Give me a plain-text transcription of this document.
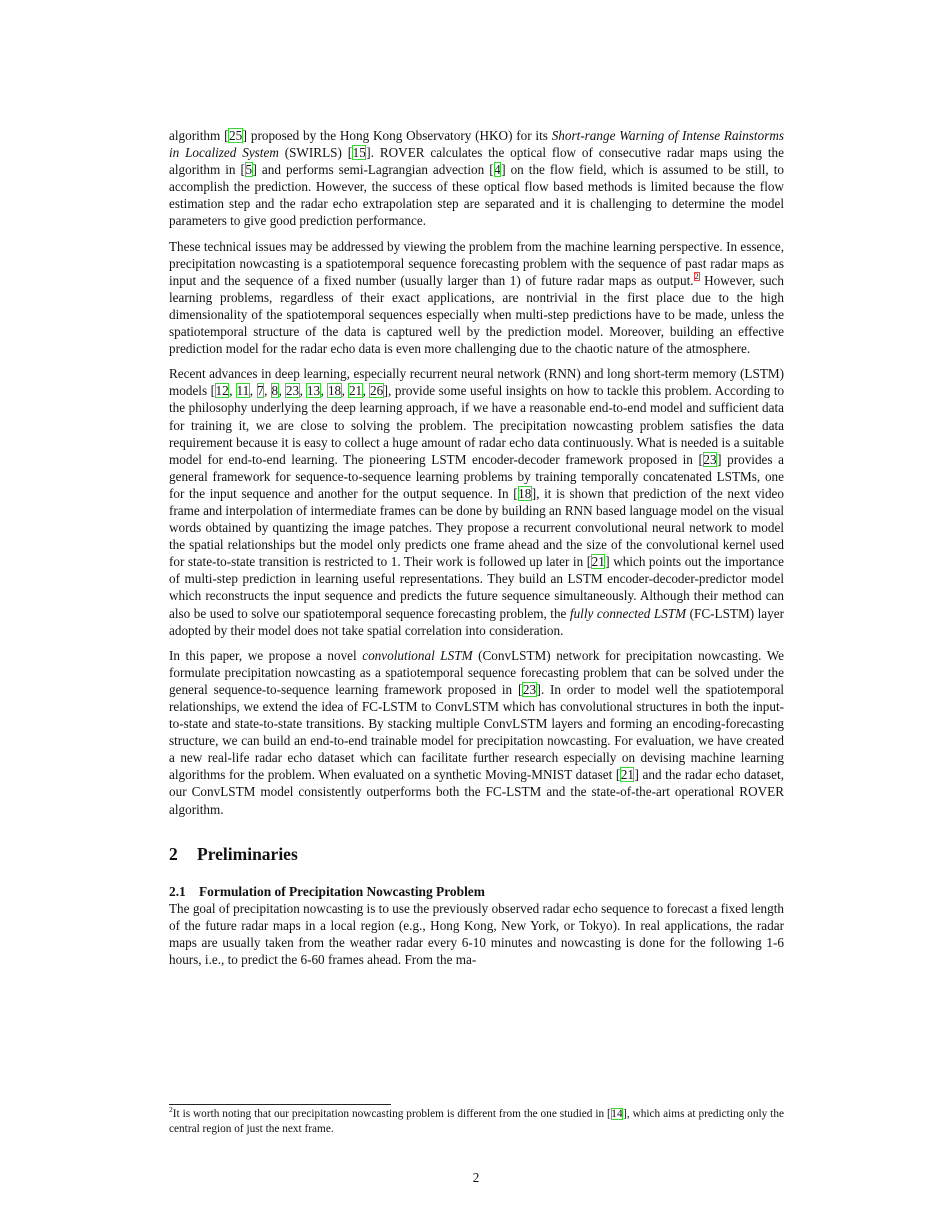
algorithm [25] proposed by the Hong Kong Observatory (HKO) for its Short-range Warning of Intense Rainstorms in Localized System (SWIRLS) [15]. ROVER calculates the optical flow of consecutive radar maps using the algorithm in [5] and performs semi-Lagrangian advection [4] on the flow field, which is assumed to be still, to accomplish the prediction. However, the success of these optical flow based methods is limited because the flow estimation step and the radar echo extrapolation step are separated and it is challenging to determine the model parameters to give good prediction performance.

These technical issues may be addressed by viewing the problem from the machine learning perspective. In essence, precipitation nowcasting is a spatiotemporal sequence forecasting problem with the sequence of past radar maps as input and the sequence of a fixed number (usually larger than 1) of future radar maps as output.$^2$ However, such learning problems, regardless of their exact applications, are nontrivial in the first place due to the high dimensionality of the spatiotemporal sequences especially when multi-step predictions have to be made, unless the spatiotemporal structure of the data is captured well by the prediction model. Moreover, building an effective prediction model for the radar echo data is even more challenging due to the chaotic nature of the atmosphere.

Recent advances in deep learning, especially recurrent neural network (RNN) and long short-term memory (LSTM) models [12, 11, 7, 8, 23, 13, 18, 21, 26], provide some useful insights on how to tackle this problem. According to the philosophy underlying the deep learning approach, if we have a reasonable end-to-end model and sufficient data for training it, we are close to solving the problem. The precipitation nowcasting problem satisfies the data requirement because it is easy to collect a huge amount of radar echo data continuously. What is needed is a suitable model for end-to-end learning. The pioneering LSTM encoder-decoder framework proposed in [23] provides a general framework for sequence-to-sequence learning problems by training temporally concatenated LSTMs, one for the input sequence and another for the output sequence. In [18], it is shown that prediction of the next video frame and interpolation of intermediate frames can be done by building an RNN based language model on the visual words obtained by quantizing the image patches. They propose a recurrent convolutional neural network to model the spatial relationships but the model only predicts one frame ahead and the size of the convolutional kernel used for state-to-state transition is restricted to 1. Their work is followed up later in [21] which points out the importance of multi-step prediction in learning useful representations. They build an LSTM encoder-decoder-predictor model which reconstructs the input sequence and predicts the future sequence simultaneously. Although their method can also be used to solve our spatiotemporal sequence forecasting problem, the fully connected LSTM (FC-LSTM) layer adopted by their model does not take spatial correlation into consideration.

In this paper, we propose a novel convolutional LSTM (ConvLSTM) network for precipitation nowcasting. We formulate precipitation nowcasting as a spatiotemporal sequence forecasting problem that can be solved under the general sequence-to-sequence learning framework proposed in [23]. In order to model well the spatiotemporal relationships, we extend the idea of FC-LSTM to ConvLSTM which has convolutional structures in both the input-to-state and state-to-state transitions. By stacking multiple ConvLSTM layers and forming an encoding-forecasting structure, we can build an end-to-end trainable model for precipitation nowcasting. For evaluation, we have created a new real-life radar echo dataset which can facilitate further research especially on devising machine learning algorithms for the problem. When evaluated on a synthetic Moving-MNIST dataset [21] and the radar echo dataset, our ConvLSTM model consistently outperforms both the FC-LSTM and the state-of-the-art operational ROVER algorithm.

2 Preliminaries
2.1 Formulation of Precipitation Nowcasting Problem

The goal of precipitation nowcasting is to use the previously observed radar echo sequence to forecast a fixed length of the future radar maps in a local region (e.g., Hong Kong, New York, or Tokyo). In real applications, the radar maps are usually taken from the weather radar every 6-10 minutes and nowcasting is done for the following 1-6 hours, i.e., to predict the 6-60 frames ahead. From the ma-

$^2$It is worth noting that our precipitation nowcasting problem is different from the one studied in [14], which aims at predicting only the central region of just the next frame.

2
